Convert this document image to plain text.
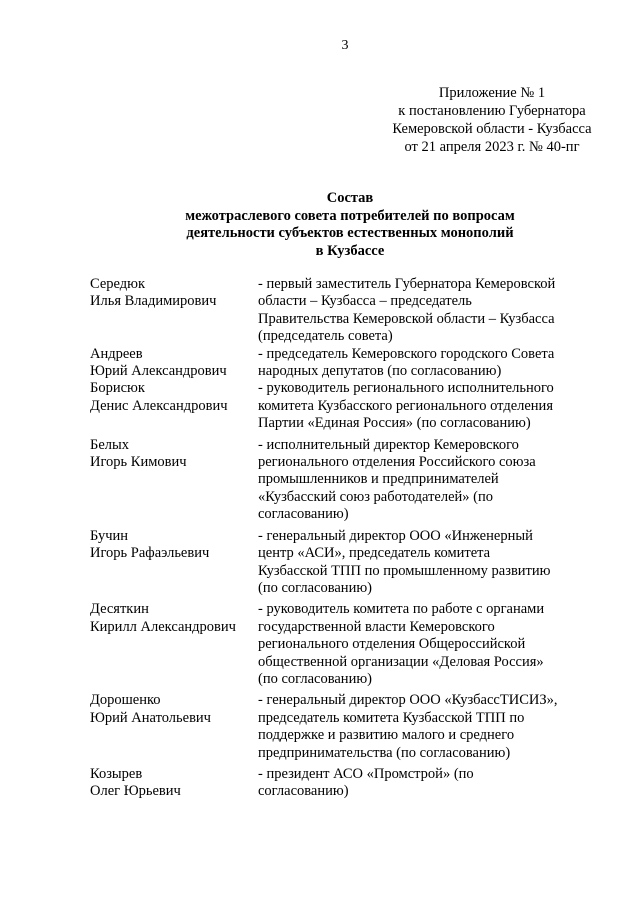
3
Приложение № 1
к постановлению Губернатора
Кемеровской области - Кузбасса
от 21 апреля 2023 г. № 40-пг
Состав
межотраслевого совета потребителей по вопросам
деятельности субъектов естественных монополий
в Кузбассе
Середюк
Илья Владимирович
- первый заместитель Губернатора Кемеровской
области – Кузбасса – председатель
Правительства Кемеровской области – Кузбасса
(председатель совета)
Андреев
Юрий Александрович
- председатель Кемеровского городского Совета
народных депутатов (по согласованию)
Борисюк
Денис Александрович
- руководитель регионального исполнительного
комитета Кузбасского регионального отделения
Партии «Единая Россия» (по согласованию)
Белых
Игорь Кимович
- исполнительный директор Кемеровского
регионального отделения Российского союза
промышленников и предпринимателей
«Кузбасский союз работодателей» (по
согласованию)
Бучин
Игорь Рафаэльевич
- генеральный директор ООО «Инженерный
центр «АСИ», председатель комитета
Кузбасской ТПП по промышленному развитию
(по согласованию)
Десяткин
Кирилл Александрович
- руководитель комитета по работе с органами
государственной власти Кемеровского
регионального отделения Общероссийской
общественной организации «Деловая Россия»
(по согласованию)
Дорошенко
Юрий Анатольевич
- генеральный директор ООО «КузбассТИСИЗ»,
председатель комитета Кузбасской ТПП по
поддержке и развитию малого и среднего
предпринимательства (по согласованию)
Козырев
Олег Юрьевич
- президент АСО «Промстрой» (по
согласованию)
